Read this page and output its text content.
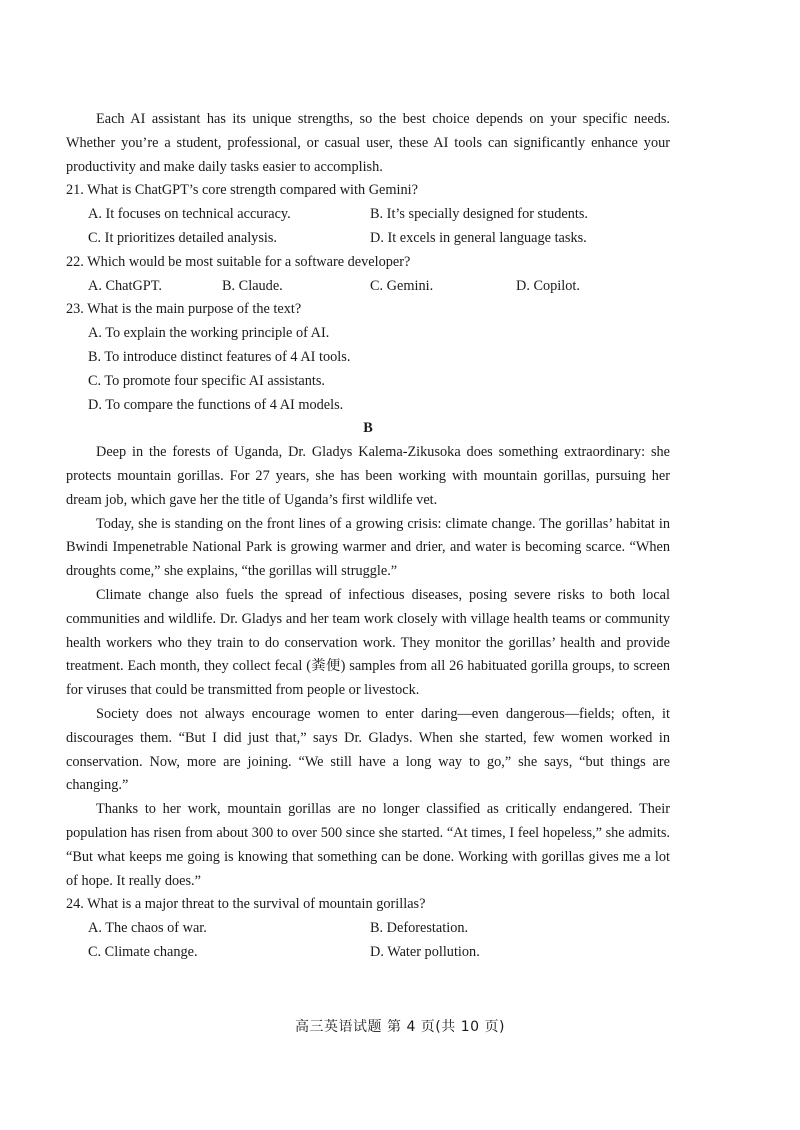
Each AI assistant has its unique strengths, so the best choice depends on your specific needs. Whether you’re a student, professional, or casual user, these AI tools can significantly enhance your productivity and make daily tasks easier to accomplish.

21. What is ChatGPT’s core strength compared with Gemini?

A. It focuses on technical accuracy.	B. It’s specially designed for students.
C. It prioritizes detailed analysis.	D. It excels in general language tasks.

22. Which would be most suitable for a software developer?

A. ChatGPT.	B. Claude.	C. Gemini.	D. Copilot.

23. What is the main purpose of the text?

A. To explain the working principle of AI.

B. To introduce distinct features of 4 AI tools.

C. To promote four specific AI assistants.

D. To compare the functions of 4 AI models.

B

Deep in the forests of Uganda, Dr. Gladys Kalema-Zikusoka does something extraordinary: she protects mountain gorillas. For 27 years, she has been working with mountain gorillas, pursuing her dream job, which gave her the title of Uganda’s first wildlife vet.

Today, she is standing on the front lines of a growing crisis: climate change. The gorillas’ habitat in Bwindi Impenetrable National Park is growing warmer and drier, and water is becoming scarce. “When droughts come,” she explains, “the gorillas will struggle.”

Climate change also fuels the spread of infectious diseases, posing severe risks to both local communities and wildlife. Dr. Gladys and her team work closely with village health teams or community health workers who they train to do conservation work. They monitor the gorillas’ health and provide treatment. Each month, they collect fecal (粪便) samples from all 26 habituated gorilla groups, to screen for viruses that could be transmitted from people or livestock.

Society does not always encourage women to enter daring—even dangerous—fields; often, it discourages them. “But I did just that,” says Dr. Gladys. When she started, few women worked in conservation. Now, more are joining. “We still have a long way to go,” she says, “but things are changing.”

Thanks to her work, mountain gorillas are no longer classified as critically endangered. Their population has risen from about 300 to over 500 since she started. “At times, I feel hopeless,” she admits. “But what keeps me going is knowing that something can be done. Working with gorillas gives me a lot of hope. It really does.”

24. What is a major threat to the survival of mountain gorillas?

A. The chaos of war.	B. Deforestation.
C. Climate change.	D. Water pollution.
高三英语试题 第 4 页(共 10 页)
